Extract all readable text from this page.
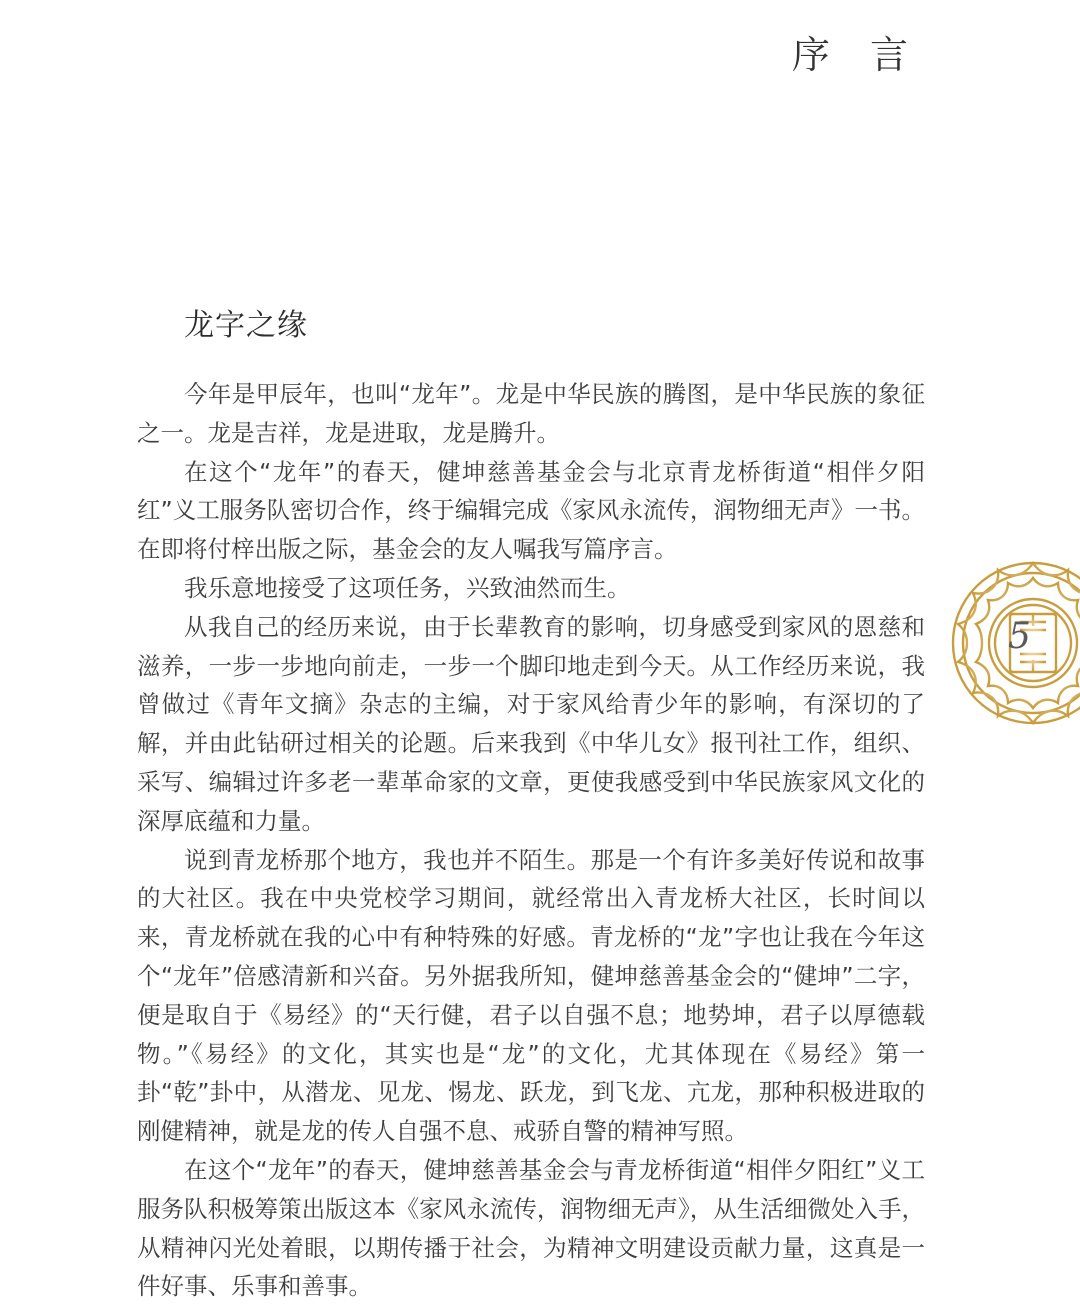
序 言
龙字之缘

今年是甲辰年，也叫“龙年”。龙是中华民族的腾图，是中华民族的象征之一。龙是吉祥，龙是进取，龙是腾升。

在这个“龙年”的春天，健坤慈善基金会与北京青龙桥街道“相伴夕阳红”义工服务队密切合作，终于编辑完成《家风永流传，润物细无声》一书。在即将付梓出版之际，基金会的友人嘱我写篇序言。

我乐意地接受了这项任务，兴致油然而生。

从我自己的经历来说，由于长辈教育的影响，切身感受到家风的恩慈和滋养，一步一步地向前走，一步一个脚印地走到今天。从工作经历来说，我曾做过《青年文摘》杂志的主编，对于家风给青少年的影响，有深切的了解，并由此钻研过相关的论题。后来我到《中华儿女》报刊社工作，组织、采写、编辑过许多老一辈革命家的文章，更使我感受到中华民族家风文化的深厚底蕴和力量。

说到青龙桥那个地方，我也并不陌生。那是一个有许多美好传说和故事的大社区。我在中央党校学习期间，就经常出入青龙桥大社区，长时间以来，青龙桥就在我的心中有种特殊的好感。青龙桥的“龙”字也让我在今年这个“龙年”倍感清新和兴奋。另外据我所知，健坤慈善基金会的“健坤”二字，便是取自于《易经》的“天行健，君子以自强不息；地势坤，君子以厚德载物。”《易经》的文化，其实也是“龙”的文化，尤其体现在《易经》第一卦“乾”卦中，从潜龙、见龙、惕龙、跃龙，到飞龙、亢龙，那种积极进取的刚健精神，就是龙的传人自强不息、戒骄自警的精神写照。

在这个“龙年”的春天，健坤慈善基金会与青龙桥街道“相伴夕阳红”义工服务队积极筹策出版这本《家风永流传，润物细无声》，从生活细微处入手，从精神闪光处着眼，以期传播于社会，为精神文明建设贡献力量，这真是一件好事、乐事和善事。

5
